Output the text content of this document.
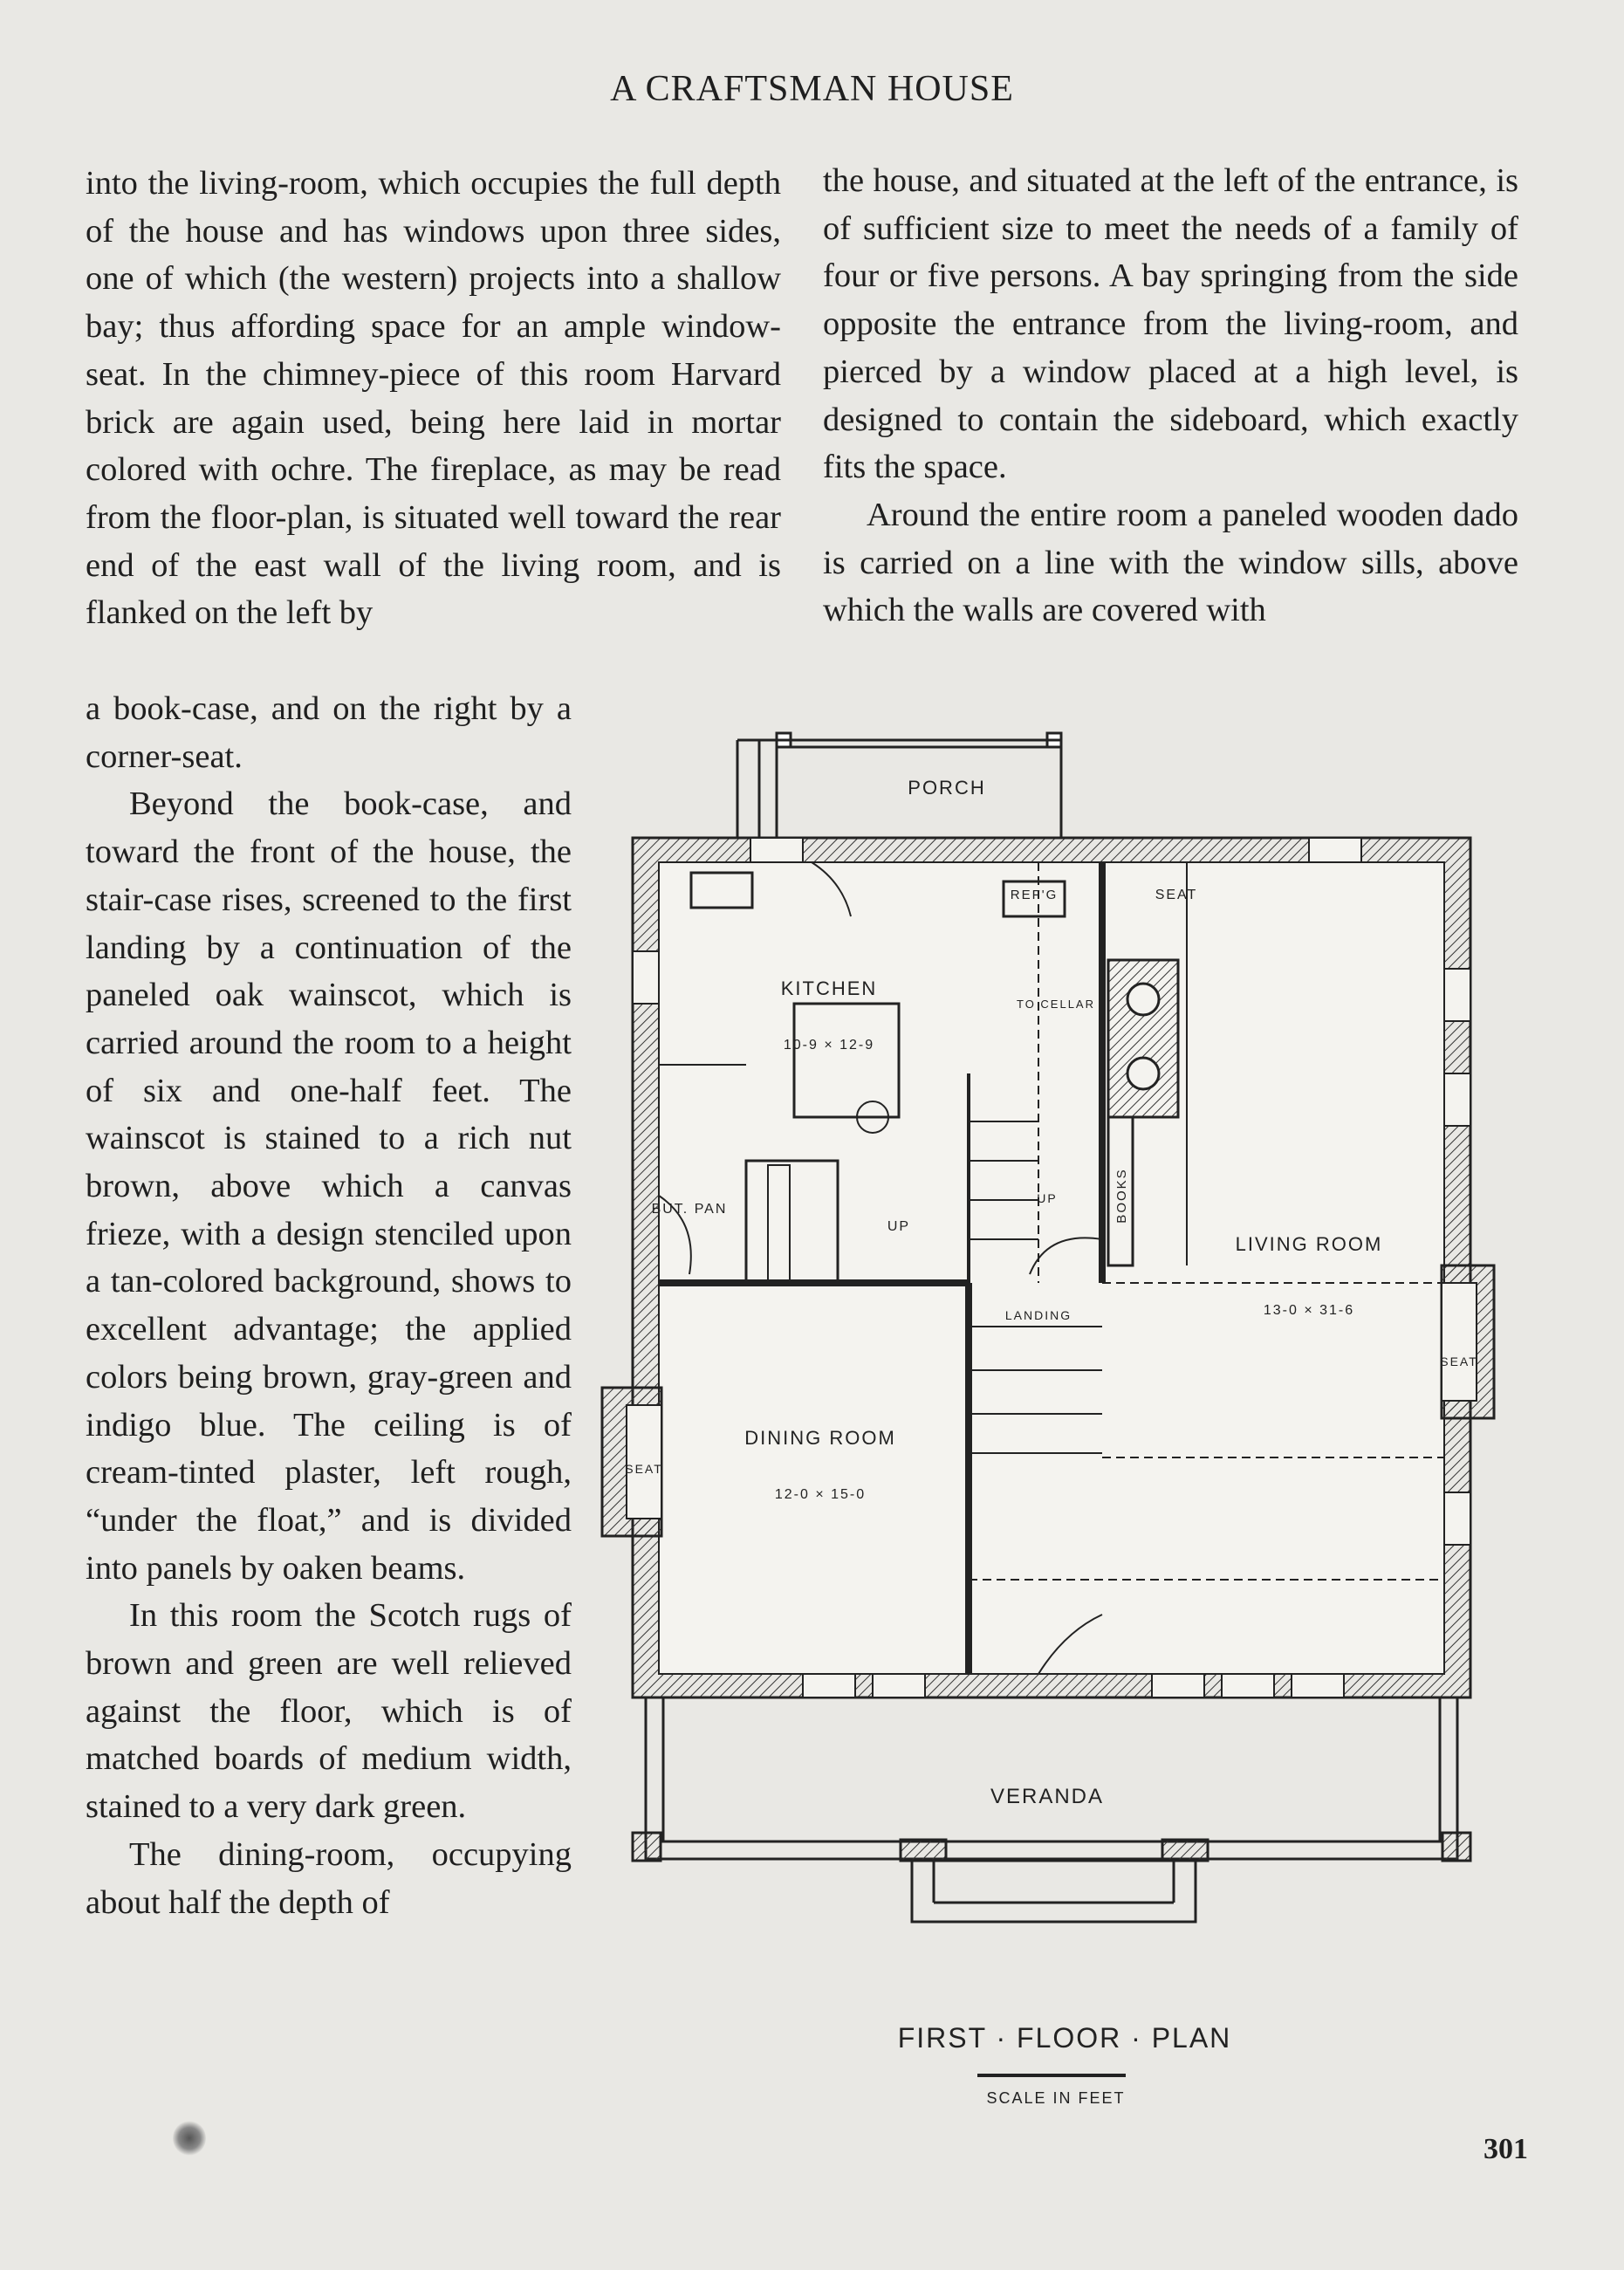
A CRAFTSMAN HOUSE

into the living-room, which occupies the full depth of the house and has windows upon three sides, one of which (the western) projects into a shallow bay; thus affording space for an ample window-seat. In the chimney-piece of this room Harvard brick are again used, being here laid in mortar colored with ochre. The fireplace, as may be read from the floor-plan, is situated well toward the rear end of the east wall of the living room, and is flanked on the left by

the house, and situated at the left of the entrance, is of sufficient size to meet the needs of a family of four or five persons. A bay springing from the side opposite the entrance from the living-room, and pierced by a window placed at a high level, is designed to contain the sideboard, which exactly fits the space.

Around the entire room a paneled wooden dado is carried on a line with the window sills, above which the walls are covered with

a book-case, and on the right by a corner-seat.

Beyond the book-case, and toward the front of the house, the stair-case rises, screened to the first landing by a continuation of the paneled oak wainscot, which is carried around the room to a height of six and one-half feet. The wainscot is stained to a rich nut brown, above which a canvas frieze, with a design stenciled upon a tan-colored background, shows to excellent advantage; the applied colors being brown, gray-green and indigo blue. The ceiling is of cream-tinted plaster, left rough, “under the float,” and is divided into panels by oaken beams.

In this room the Scotch rugs of brown and green are well relieved against the floor, which is of matched boards of medium width, stained to a very dark green.

The dining-room, occupying about half the depth of

PORCH
REF'G	SEAT
KITCHEN
10-9 × 12-9
TO CELLAR
BOOKS
BUT. PAN
UP
UP
LIVING ROOM
13-0 × 31-6
LANDING
SEAT
DINING ROOM
12-0 × 15-0
SEAT
VERANDA
FIRST · FLOOR · PLAN
SCALE IN FEET
301
